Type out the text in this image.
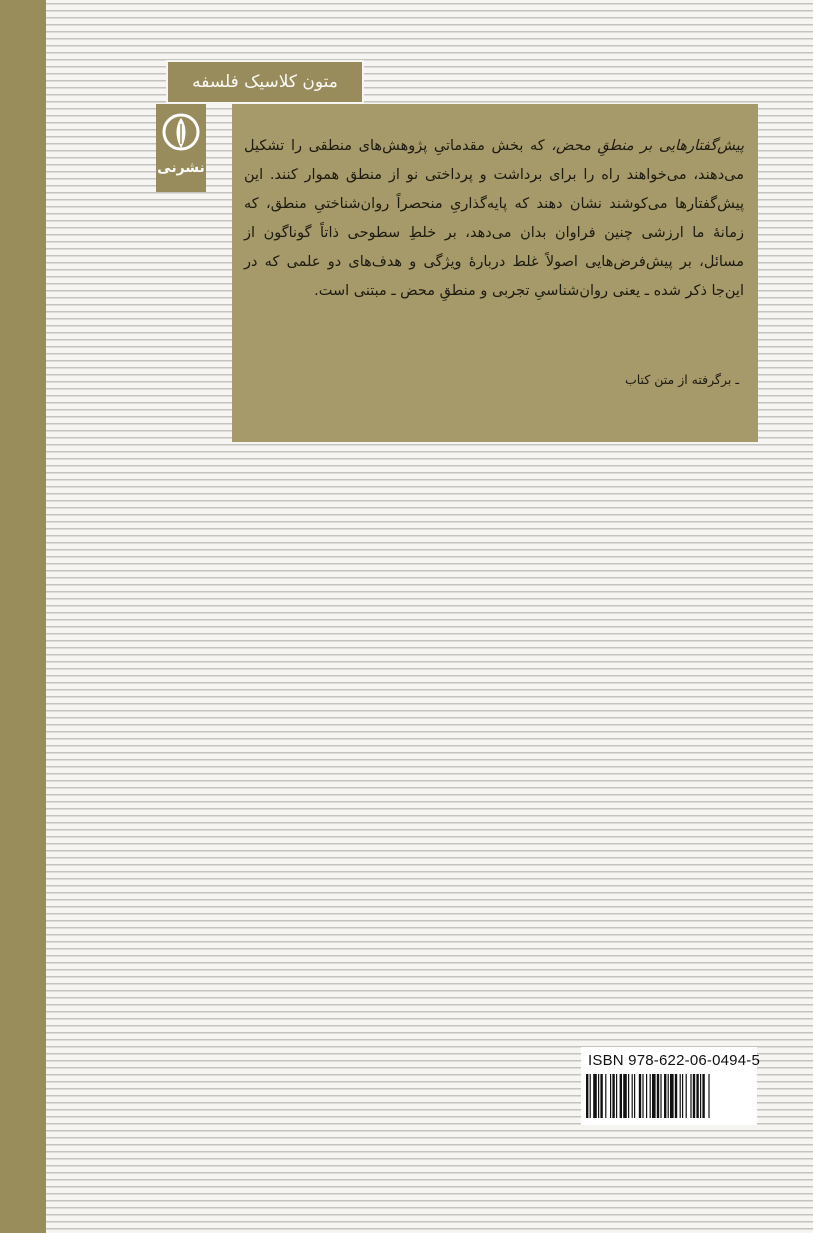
متون کلاسیک فلسفه
نشرنی

پیش‌گفتارهایی بر منطقِ محض، که بخش مقدماتیِ پژوهش‌های منطقی را تشکیل می‌دهند، می‌خواهند راه را برای برداشت و پرداختی نو از منطق هموار کنند. این پیش‌گفتارها می‌کوشند نشان دهند که پایه‌گذاریِ منحصراً روان‌شناختیِ منطق، که زمانهٔ ما ارزشی چنین فراوان بدان می‌دهد، بر خلطِ سطوحی ذاتاً گوناگون از مسائل، بر پیش‌فرض‌هایی اصولاً غلط دربارهٔ ویژگی و هدف‌های دو علمی که در این‌جا ذکر شده ـ یعنی روان‌شناسیِ تجربی و منطقِ محض ـ مبتنی است.

ـ برگرفته از متن کتاب
ISBN 978-622-06-0494-5
